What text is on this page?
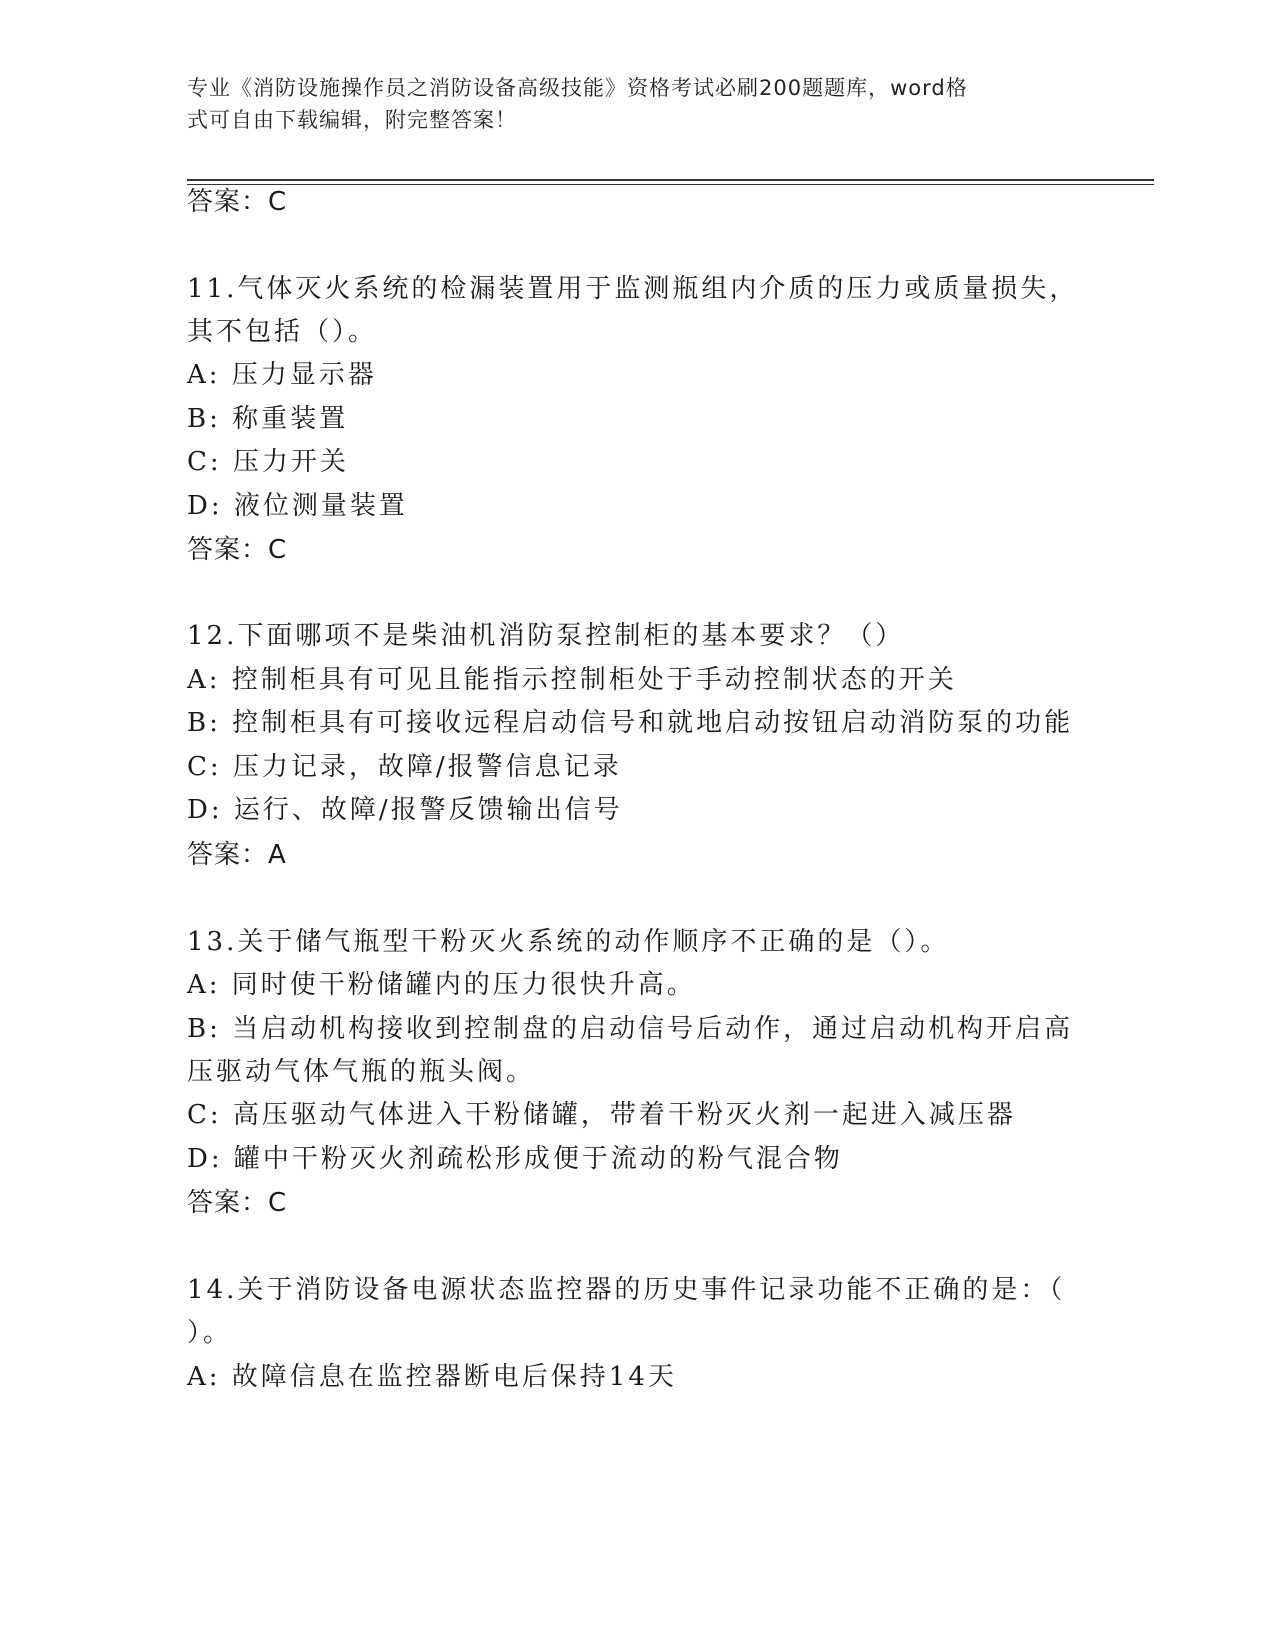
专业《消防设施操作员之消防设备高级技能》资格考试必刷200题题库，word格
式可自由下载编辑，附完整答案！
答案：C
11.气体灭火系统的检漏装置用于监测瓶组内介质的压力或质量损失，
其不包括（）。
A: 压力显示器
B: 称重装置
C: 压力开关
D: 液位测量装置
答案：C
12.下面哪项不是柴油机消防泵控制柜的基本要求？（）
A: 控制柜具有可见且能指示控制柜处于手动控制状态的开关
B: 控制柜具有可接收远程启动信号和就地启动按钮启动消防泵的功能
C: 压力记录，故障/报警信息记录
D: 运行、故障/报警反馈输出信号
答案：A
13.关于储气瓶型干粉灭火系统的动作顺序不正确的是（）。
A: 同时使干粉储罐内的压力很快升高。
B: 当启动机构接收到控制盘的启动信号后动作，通过启动机构开启高
压驱动气体气瓶的瓶头阀。
C: 高压驱动气体进入干粉储罐，带着干粉灭火剂一起进入减压器
D: 罐中干粉灭火剂疏松形成便于流动的粉气混合物
答案：C
14.关于消防设备电源状态监控器的历史事件记录功能不正确的是：（
）。
A: 故障信息在监控器断电后保持14天
